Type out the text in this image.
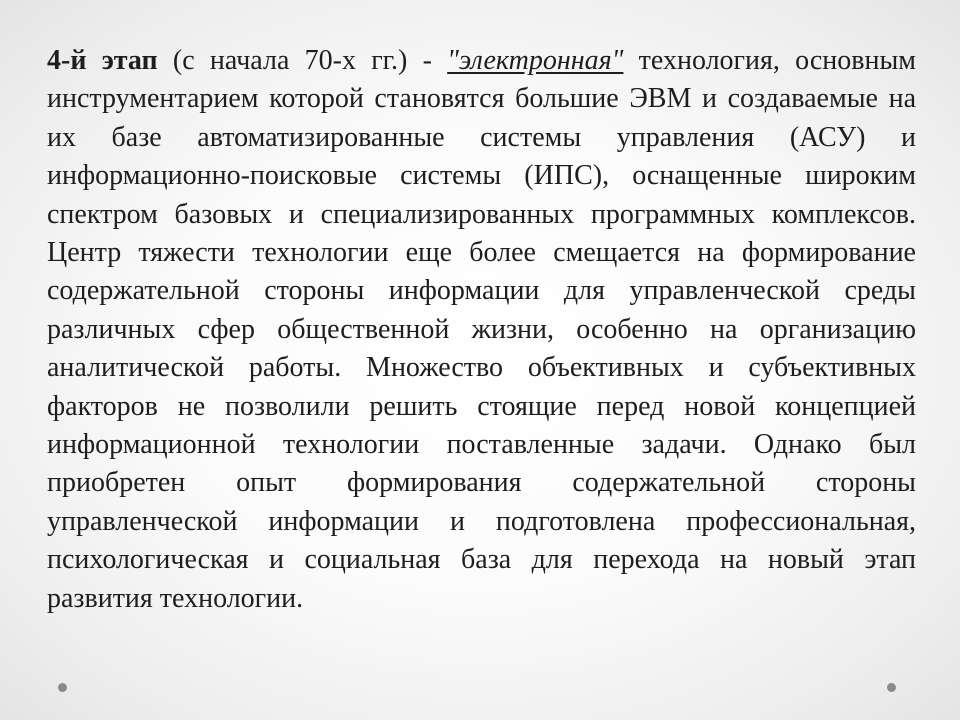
4-й этап (с начала 70-х гг.) - "электронная" технология, основным инструментарием которой становятся большие ЭВМ и создаваемые на их базе автоматизированные системы управления (АСУ) и информационно-поисковые системы (ИПС), оснащенные широким спектром базовых и специализированных программных комплексов. Центр тяжести технологии еще более смещается на формирование содержательной стороны информации для управленческой среды различных сфер общественной жизни, особенно на организацию аналитической работы. Множество объективных и субъективных факторов не позволили решить стоящие перед новой концепцией информационной технологии поставленные задачи. Однако был приобретен опыт формирования содержательной стороны управленческой информации и подготовлена профессиональная, психологическая и социальная база для перехода на новый этап развития технологии.
